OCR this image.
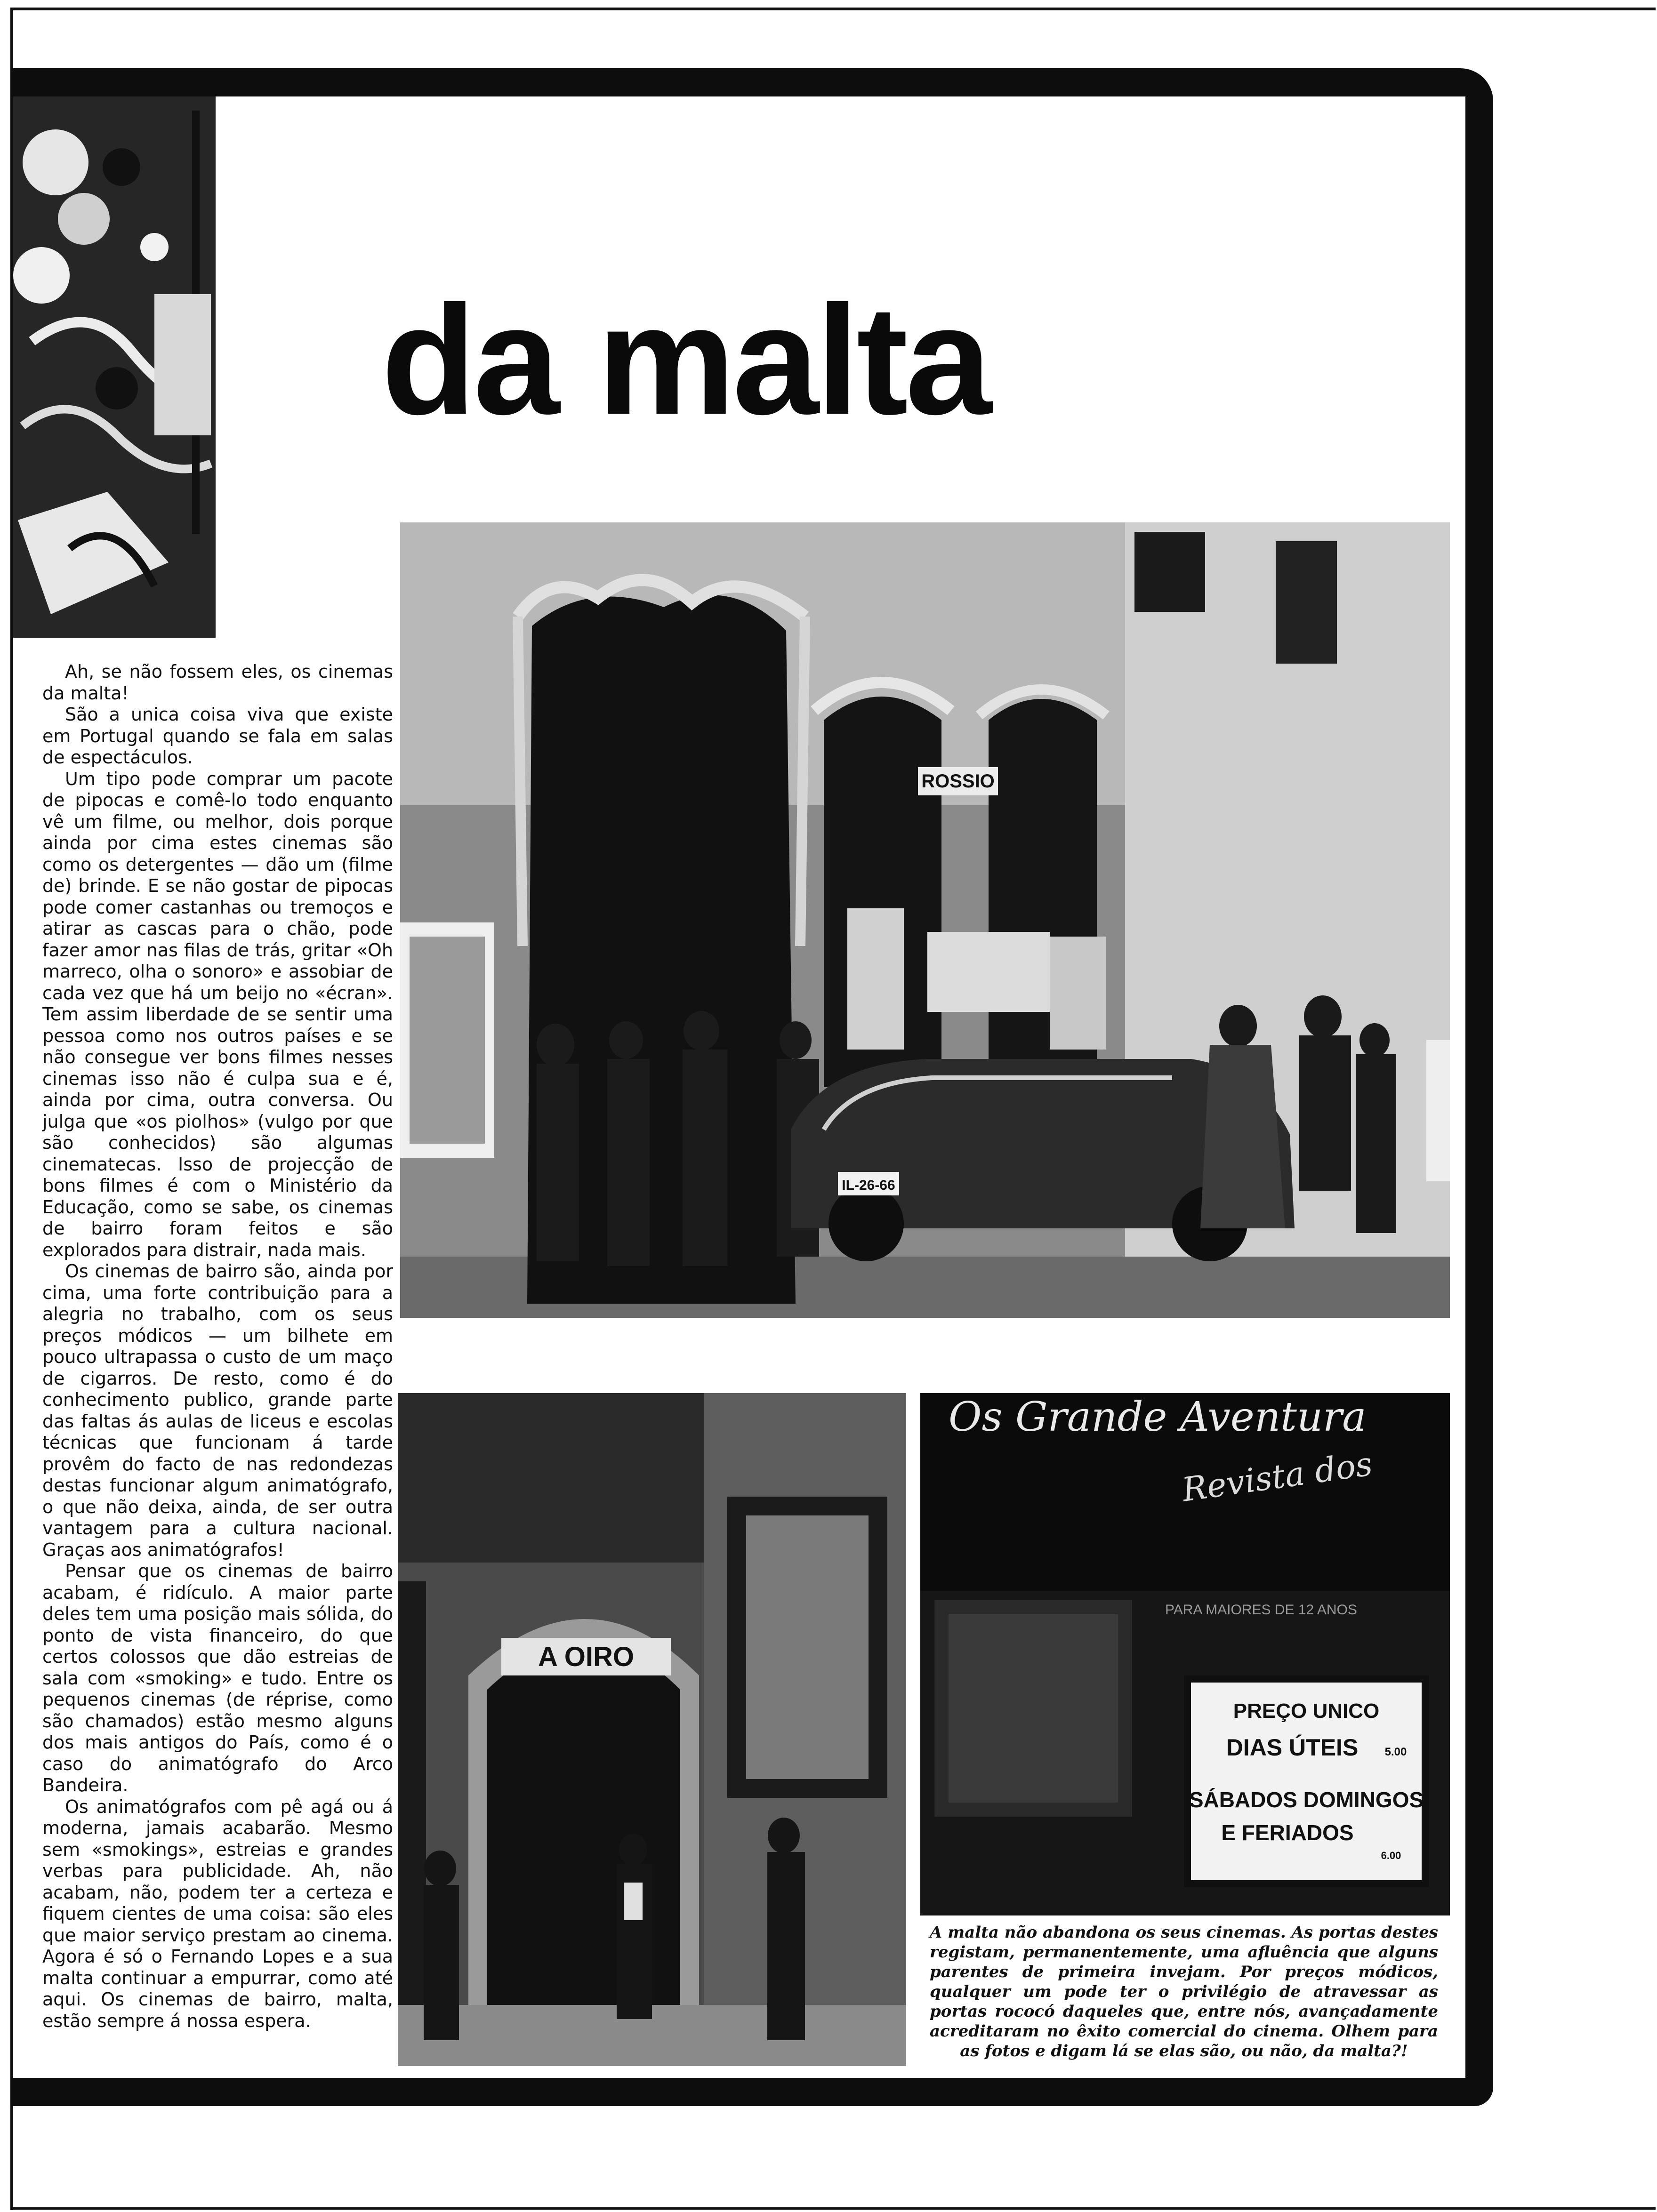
da malta

Ah, se não fossem eles, os cinemas da malta!

São a unica coisa viva que existe em Portugal quando se fala em salas de espectáculos.

Um tipo pode comprar um pacote de pipocas e comê-lo todo enquanto vê um filme, ou melhor, dois porque ainda por cima estes cinemas são como os detergentes — dão um (filme de) brinde. E se não gostar de pipocas pode comer castanhas ou tremoços e atirar as cascas para o chão, pode fazer amor nas filas de trás, gritar «Oh marreco, olha o sonoro» e assobiar de cada vez que há um beijo no «écran». Tem assim liberdade de se sentir uma pessoa como nos outros países e se não consegue ver bons filmes nesses cinemas isso não é culpa sua e é, ainda por cima, outra conversa. Ou julga que «os piolhos» (vulgo por que são conhecidos) são algumas cinematecas. Isso de projecção de bons filmes é com o Ministério da Educação, como se sabe, os cinemas de bairro foram feitos e são explorados para distrair, nada mais.

Os cinemas de bairro são, ainda por cima, uma forte contribuição para a alegria no trabalho, com os seus preços módicos — um bilhete em pouco ultrapassa o custo de um maço de cigarros. De resto, como é do conhecimento publico, grande parte das faltas ás aulas de liceus e escolas técnicas que funcionam á tarde provêm do facto de nas redondezas destas funcionar algum animatógrafo, o que não deixa, ainda, de ser outra vantagem para a cultura nacional. Graças aos animatógrafos!

Pensar que os cinemas de bairro acabam, é ridículo. A maior parte deles tem uma posição mais sólida, do ponto de vista financeiro, do que certos colossos que dão estreias de sala com «smoking» e tudo. Entre os pequenos cinemas (de réprise, como são chamados) estão mesmo alguns dos mais antigos do País, como é o caso do animatógrafo do Arco Bandeira.

Os animatógrafos com pê agá ou á moderna, jamais acabarão. Mesmo sem «smokings», estreias e grandes verbas para publicidade. Ah, não acabam, não, podem ter a certeza e fiquem cientes de uma coisa: são eles que maior serviço prestam ao cinema. Agora é só o Fernando Lopes e a sua malta continuar a empurrar, como até aqui. Os cinemas de bairro, malta, estão sempre á nossa espera.

ROSSIO
IL-26-66
A OIRO
Os Grande Aventura
Revista dos
PARA MAIORES DE 12 ANOS
PREÇO UNICO
DIAS ÚTEIS 5.00
SÁBADOS DOMINGOS
E FERIADOS
6.00
A malta não abandona os seus cinemas. As portas destes registam, permanentemente, uma afluência que alguns parentes de primeira invejam. Por preços módicos, qualquer um pode ter o privilégio de atravessar as portas rococó daqueles que, entre nós, avançadamente acreditaram no êxito comercial do cinema. Olhem para as fotos e digam lá se elas são, ou não, da malta?!
